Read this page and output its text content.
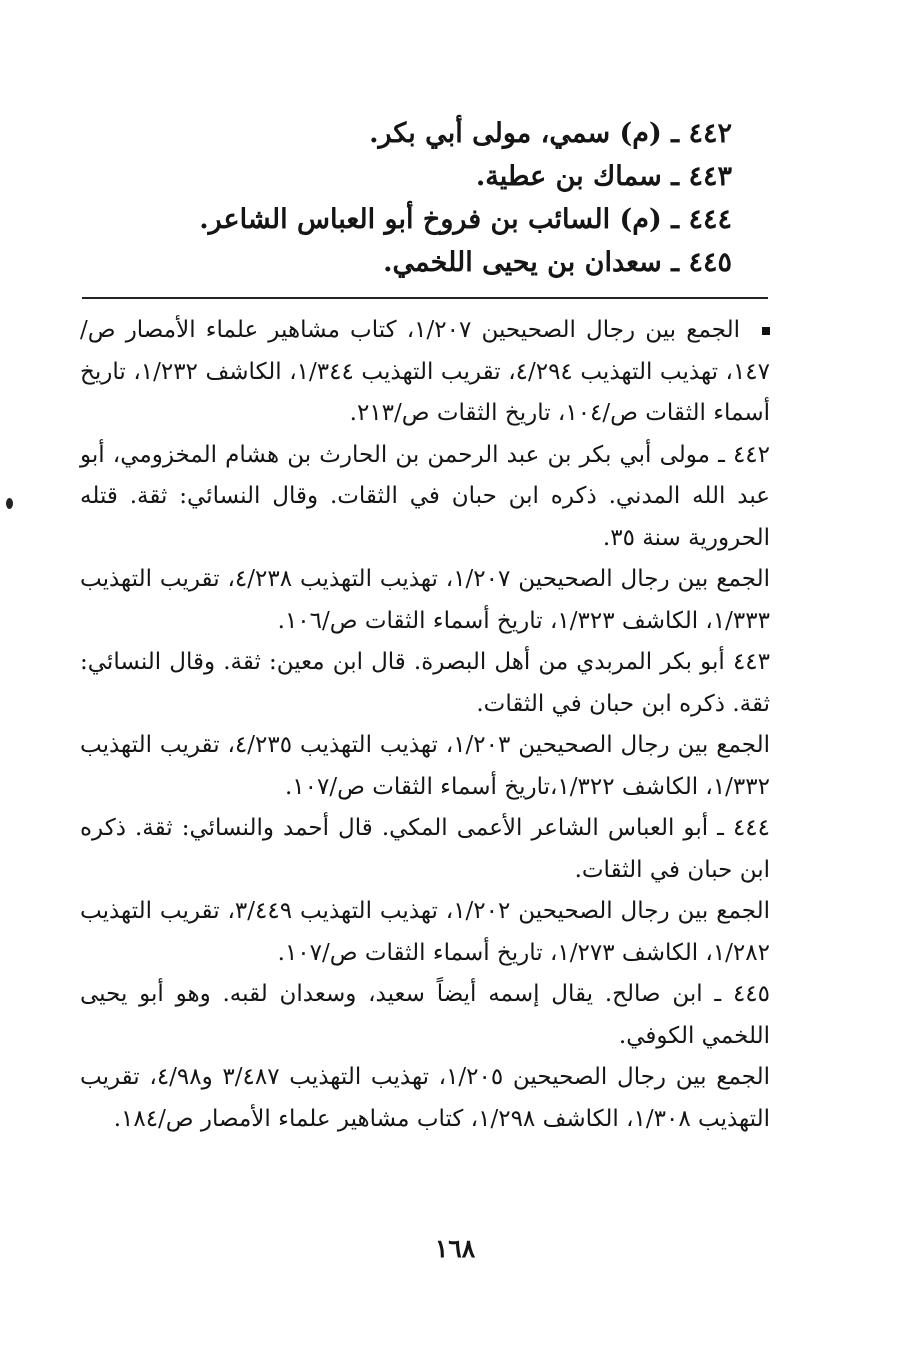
٤٤٢ ـ (م) سمي، مولى أبي بكر.
٤٤٣ ـ سماك بن عطية.
٤٤٤ ـ (م) السائب بن فروخ أبو العباس الشاعر.
٤٤٥ ـ سعدان بن يحيى اللخمي.

الجمع بين رجال الصحيحين ١/٢٠٧، كتاب مشاهير علماء الأمصار ص/١٤٧، تهذيب التهذيب ٤/٢٩٤، تقريب التهذيب ١/٣٤٤، الكاشف ١/٢٣٢، تاريخ أسماء الثقات ص/١٠٤، تاريخ الثقات ص/٢١٣.

٤٤٢ ـ مولى أبي بكر بن عبد الرحمن بن الحارث بن هشام المخزومي، أبو عبد الله المدني. ذكره ابن حبان في الثقات. وقال النسائي: ثقة. قتله الحرورية سنة ٣٥.

الجمع بين رجال الصحيحين ١/٢٠٧، تهذيب التهذيب ٤/٢٣٨، تقريب التهذيب ١/٣٣٣، الكاشف ١/٣٢٣، تاريخ أسماء الثقات ص/١٠٦.

٤٤٣ أبو بكر المربدي من أهل البصرة. قال ابن معين: ثقة. وقال النسائي: ثقة. ذكره ابن حبان في الثقات.

الجمع بين رجال الصحيحين ١/٢٠٣، تهذيب التهذيب ٤/٢٣٥، تقريب التهذيب ١/٣٣٢، الكاشف ١/٣٢٢،تاريخ أسماء الثقات ص/١٠٧.

٤٤٤ ـ أبو العباس الشاعر الأعمى المكي. قال أحمد والنسائي: ثقة. ذكره ابن حبان في الثقات.

الجمع بين رجال الصحيحين ١/٢٠٢، تهذيب التهذيب ٣/٤٤٩، تقريب التهذيب ١/٢٨٢، الكاشف ١/٢٧٣، تاريخ أسماء الثقات ص/١٠٧.

٤٤٥ ـ ابن صالح. يقال إسمه أيضاً سعيد، وسعدان لقبه. وهو أبو يحيى اللخمي الكوفي.

الجمع بين رجال الصحيحين ١/٢٠٥، تهذيب التهذيب ٣/٤٨٧ و٤/٩٨، تقريب التهذيب ١/٣٠٨، الكاشف ١/٢٩٨، كتاب مشاهير علماء الأمصار ص/١٨٤.

١٦٨
